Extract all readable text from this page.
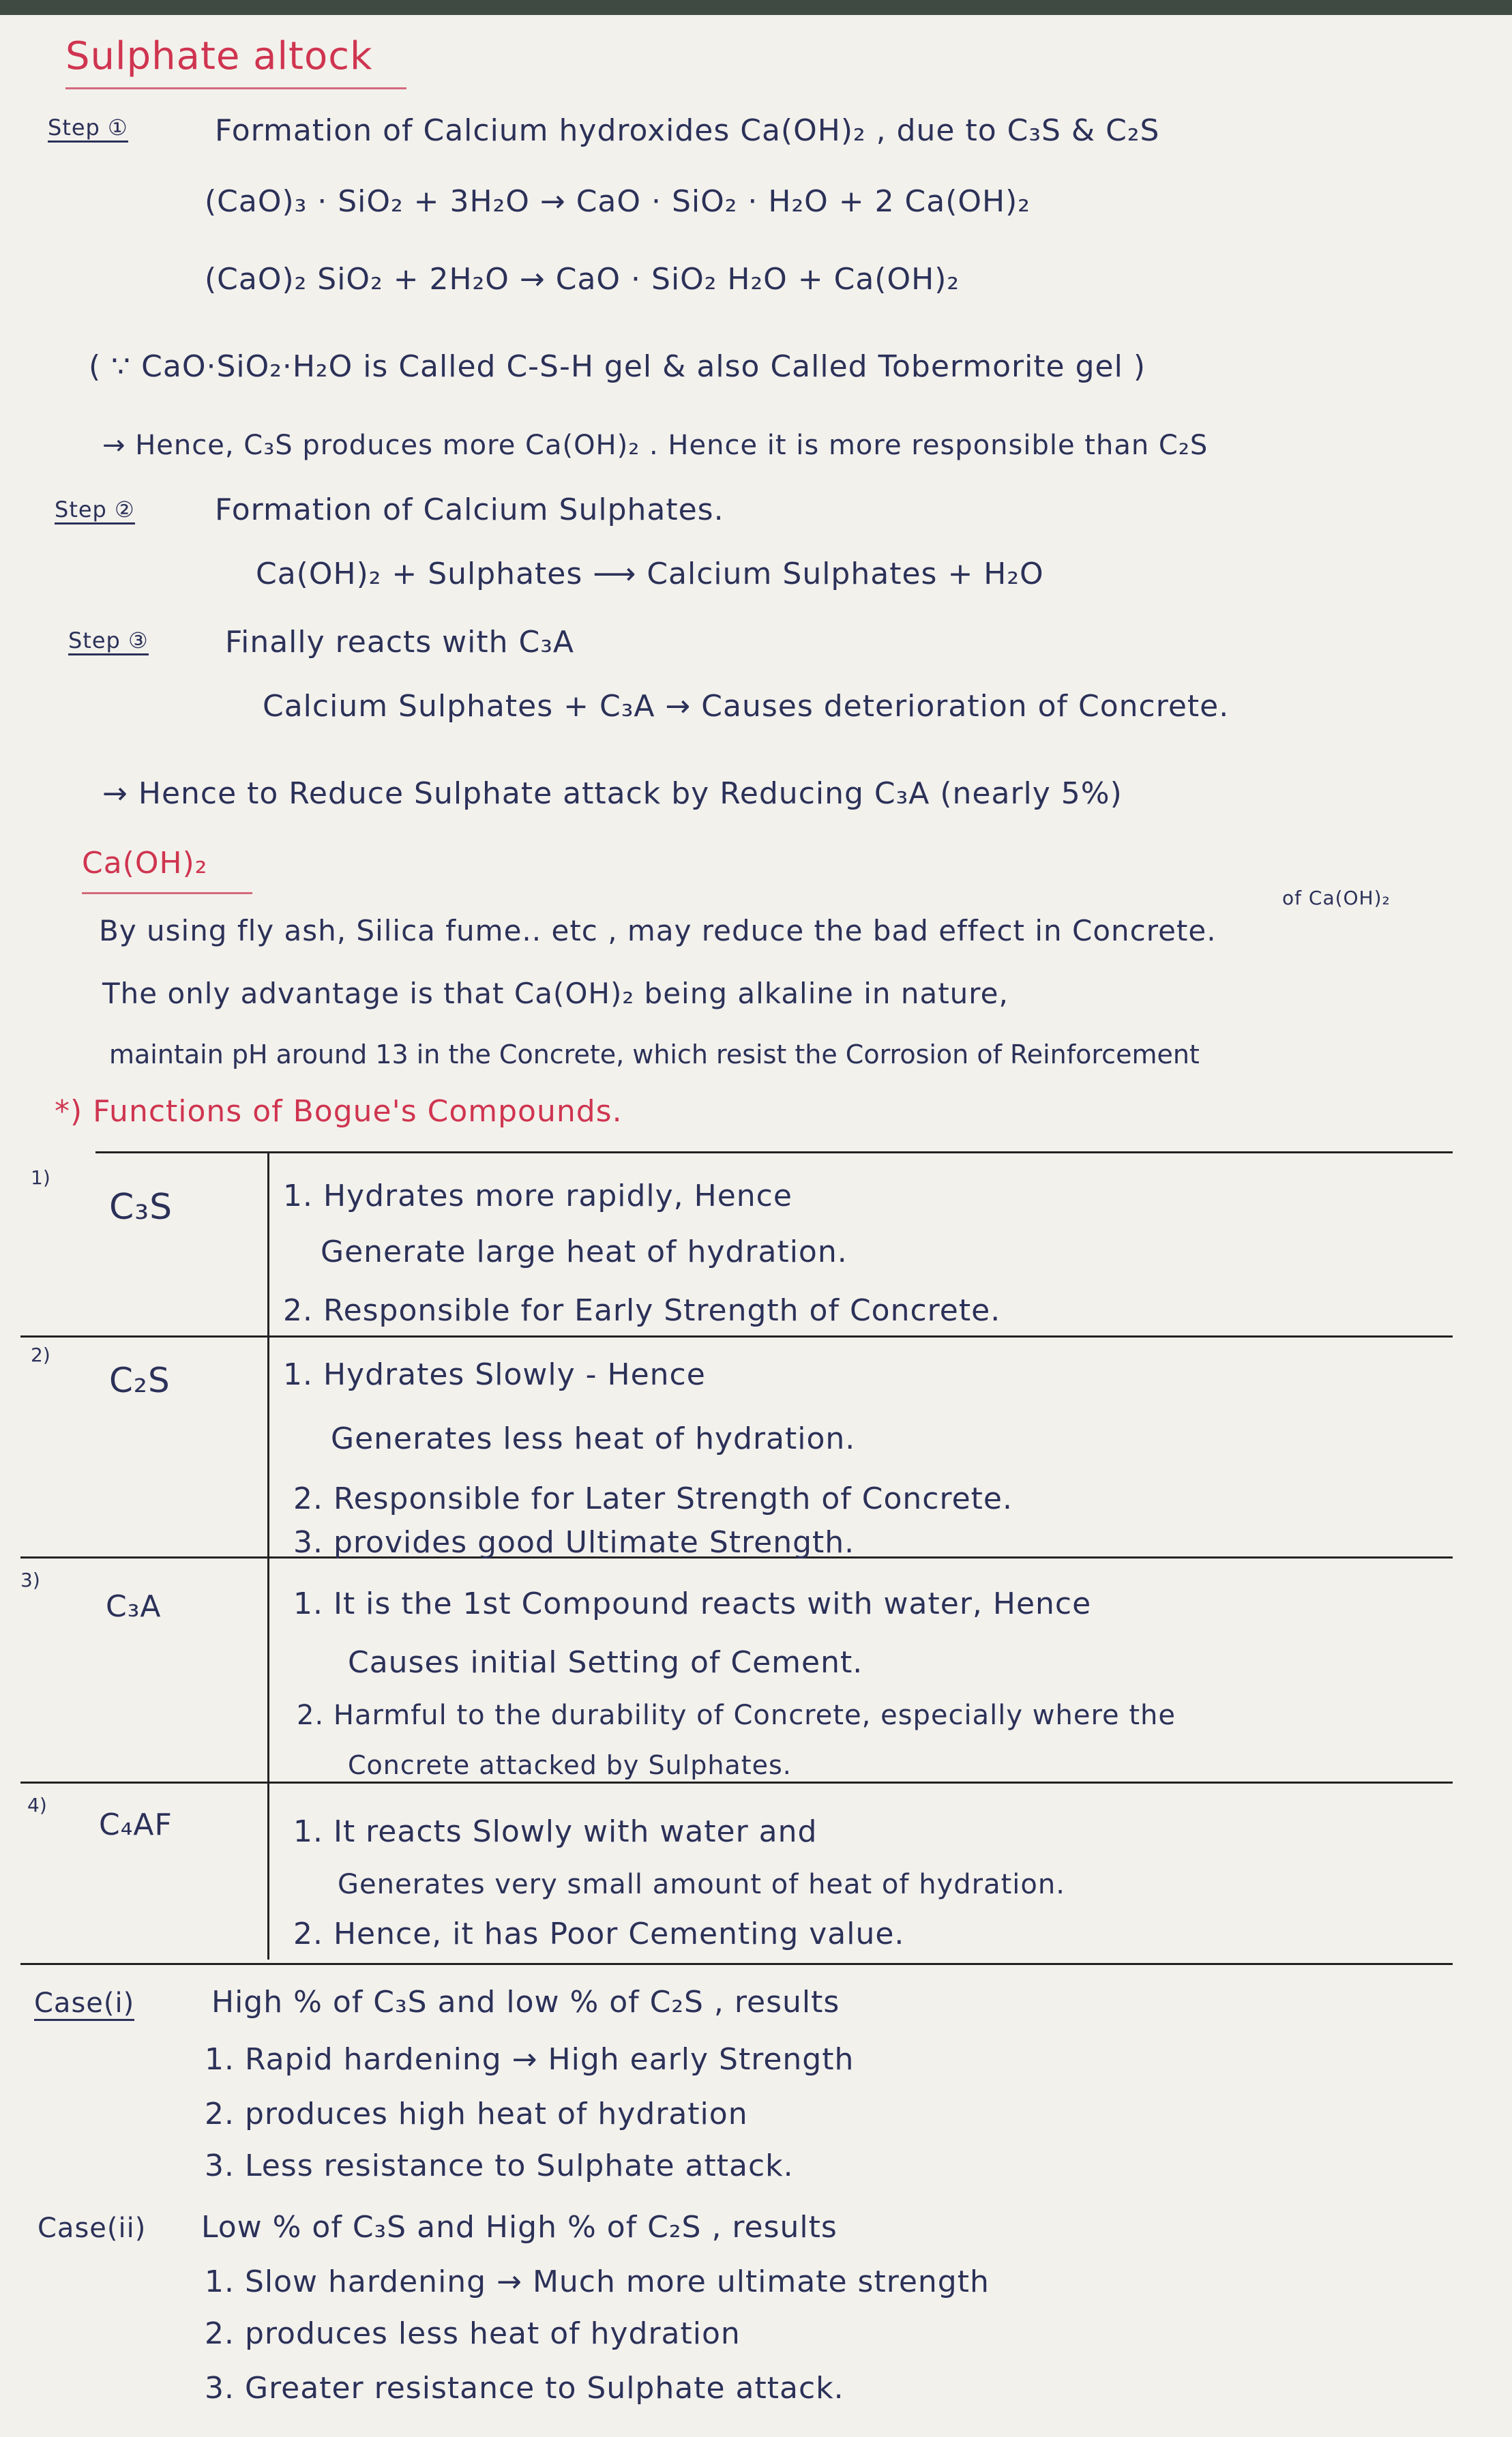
Sulphate altock
Step ①	Formation of Calcium hydroxides Ca(OH)₂ , due to C₃S & C₂S
(CaO)₃ · SiO₂ + 3H₂O → CaO · SiO₂ · H₂O + 2 Ca(OH)₂
(CaO)₂ SiO₂ + 2H₂O → CaO · SiO₂ H₂O + Ca(OH)₂
( ∵ CaO·SiO₂·H₂O is Called C-S-H gel & also Called Tobermorite gel )
→ Hence, C₃S produces more Ca(OH)₂ . Hence it is more responsible than C₂S
Step ②	Formation of Calcium Sulphates.
Ca(OH)₂ + Sulphates ⟶ Calcium Sulphates + H₂O
Step ③	Finally reacts with C₃A
Calcium Sulphates + C₃A → Causes deterioration of Concrete.
→ Hence to Reduce Sulphate attack by Reducing C₃A (nearly 5%)
Ca(OH)₂
of Ca(OH)₂
By using fly ash, Silica fume.. etc , may reduce the bad effect in Concrete.
The only advantage is that Ca(OH)₂ being alkaline in nature,
maintain pH around 13 in the Concrete, which resist the Corrosion of Reinforcement
*) Functions of Bogue's Compounds.
1)
C₃S	1. Hydrates more rapidly, Hence
Generate large heat of hydration.
2. Responsible for Early Strength of Concrete.
2)
C₂S	1. Hydrates Slowly - Hence
Generates less heat of hydration.
2. Responsible for Later Strength of Concrete.
3. provides good Ultimate Strength.
3)
C₃A	1. It is the 1st Compound reacts with water, Hence
Causes initial Setting of Cement.
2. Harmful to the durability of Concrete, especially where the
Concrete attacked by Sulphates.
4)
C₄AF	1. It reacts Slowly with water and
Generates very small amount of heat of hydration.
2. Hence, it has Poor Cementing value.
Case(i)	High % of C₃S and low % of C₂S , results
1. Rapid hardening → High early Strength
2. produces high heat of hydration
3. Less resistance to Sulphate attack.
Case(ii) Low % of C₃S and High % of C₂S , results
1. Slow hardening → Much more ultimate strength
2. produces less heat of hydration
3. Greater resistance to Sulphate attack.
